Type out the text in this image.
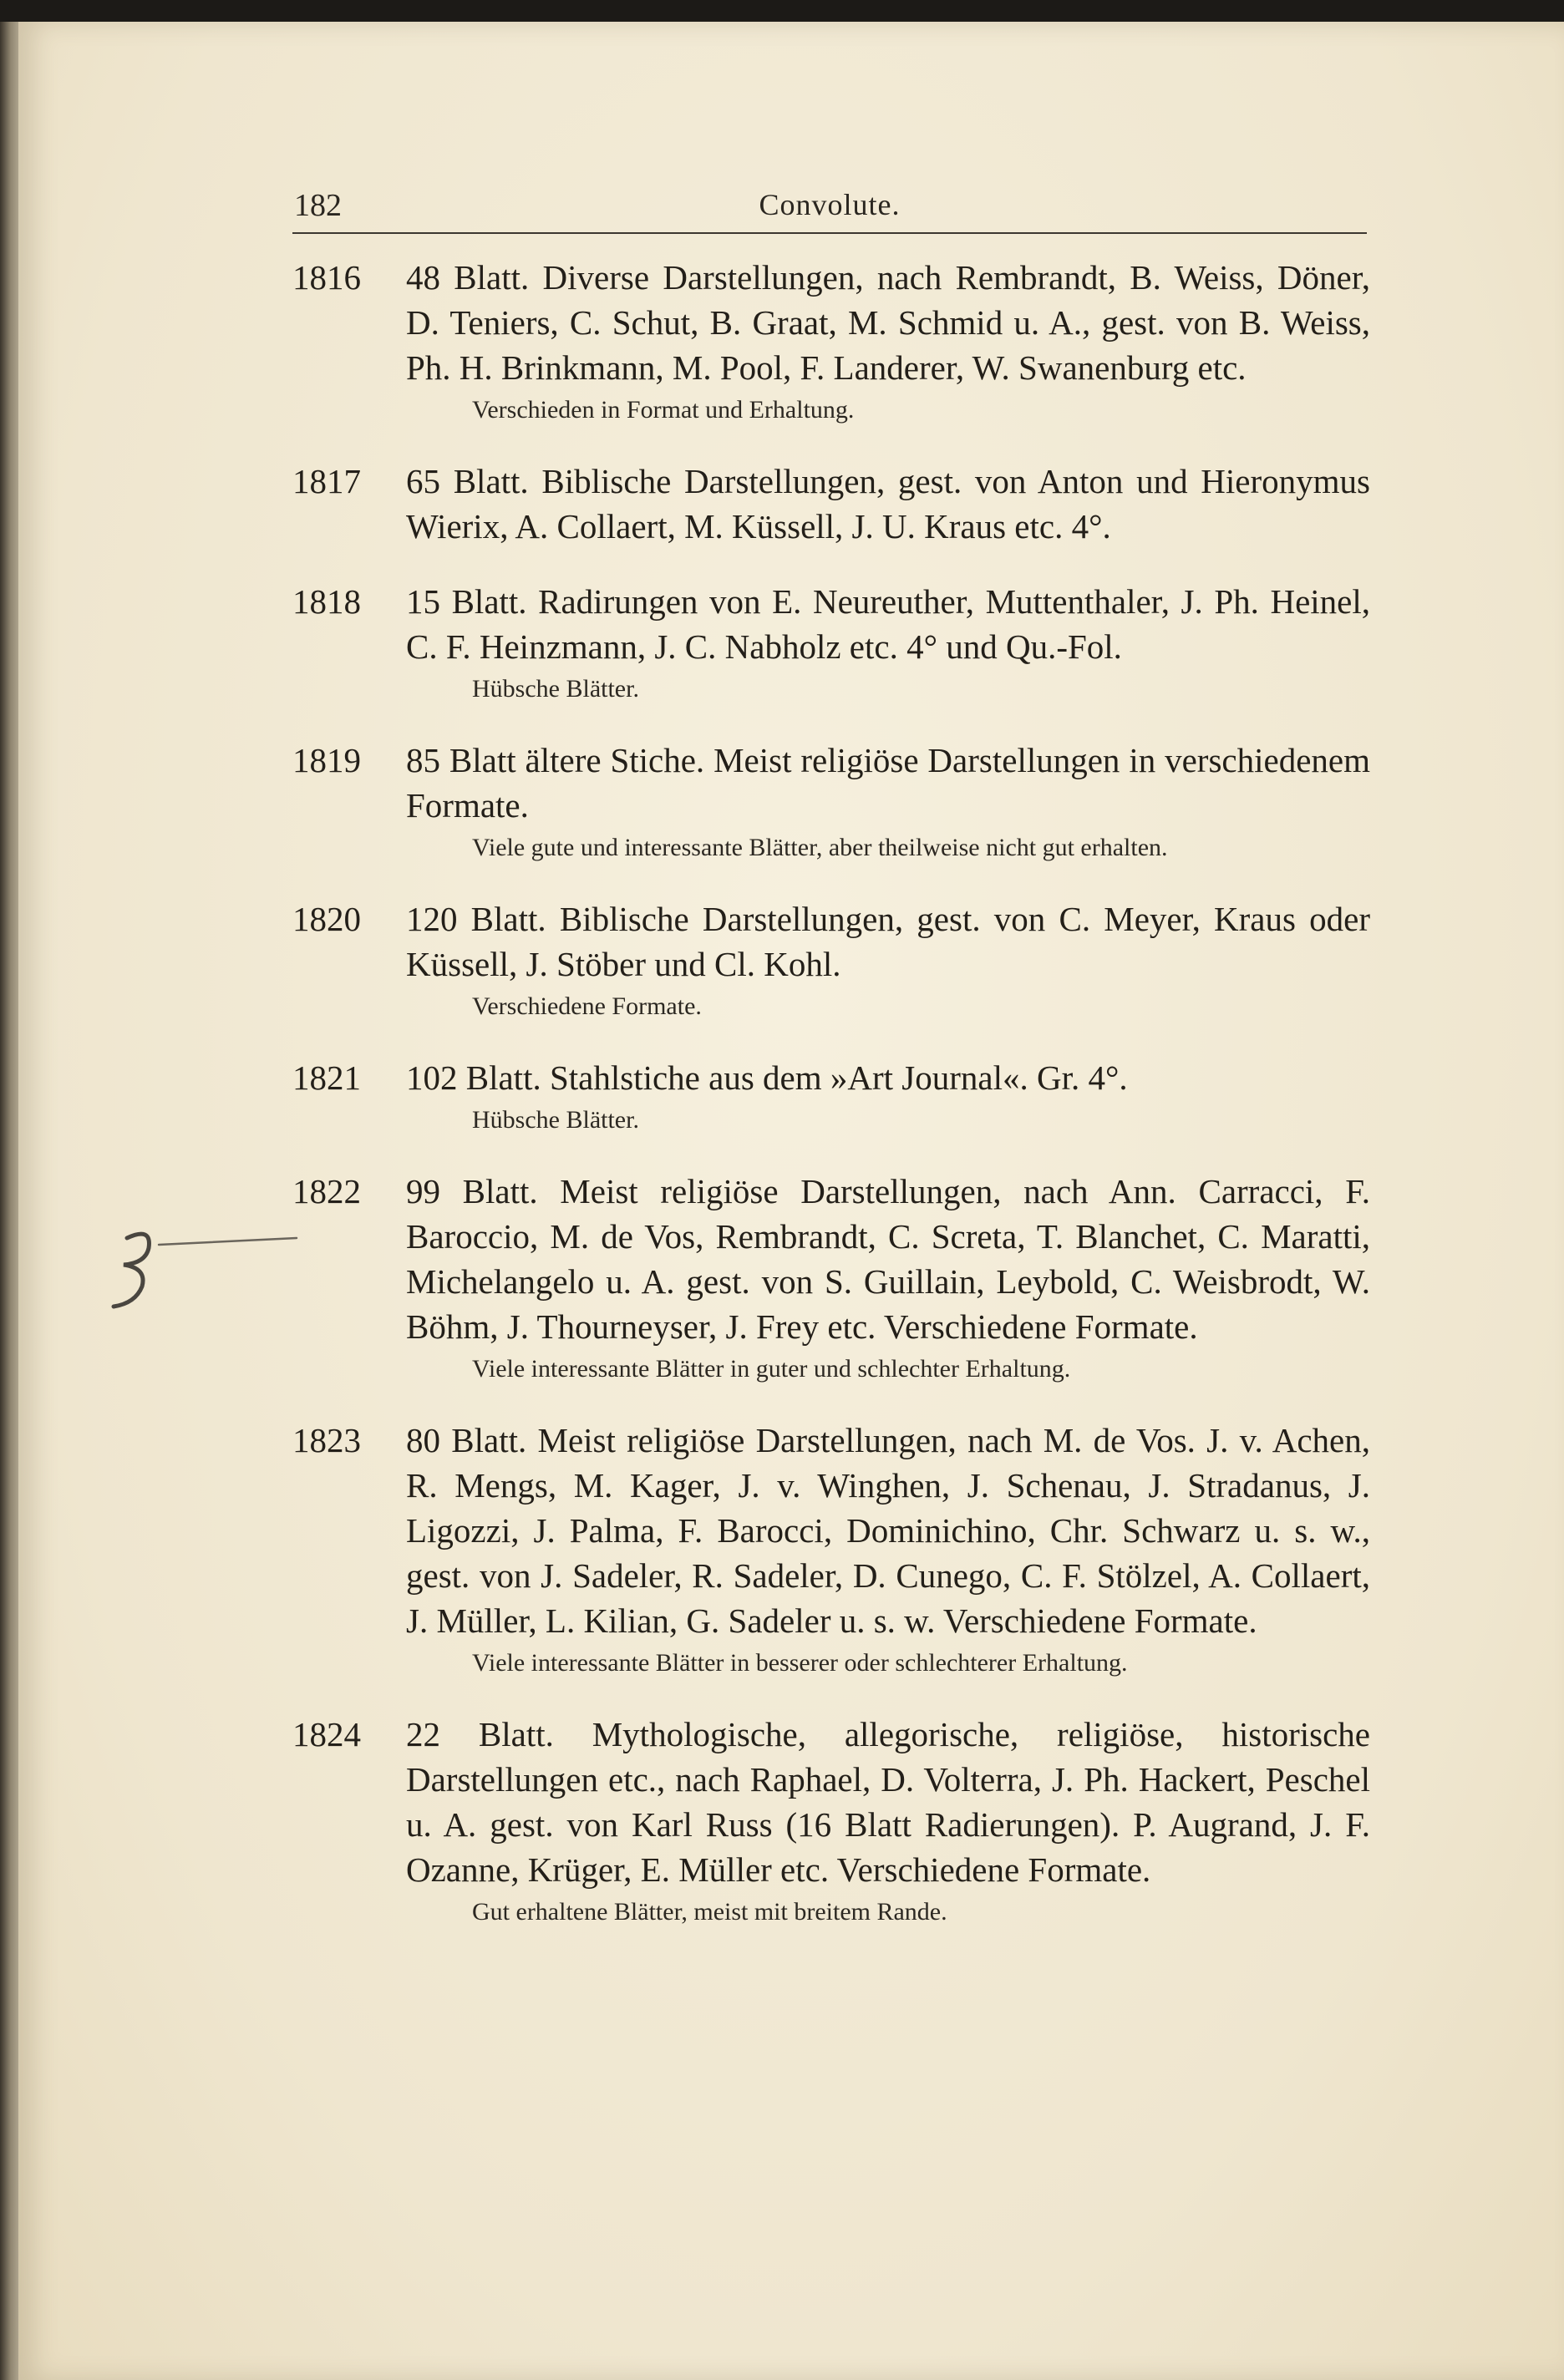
182	Convolute.
1816	48 Blatt. Diverse Darstellungen, nach Rembrandt, B. Weiss, Döner, D. Teniers, C. Schut, B. Graat, M. Schmid u. A., gest. von B. Weiss, Ph. H. Brinkmann, M. Pool, F. Landerer, W. Swanenburg etc.
Verschieden in Format und Erhaltung.
1817	65 Blatt. Biblische Darstellungen, gest. von Anton und Hieronymus Wierix, A. Collaert, M. Küssell, J. U. Kraus etc. 4°.
1818	15 Blatt. Radirungen von E. Neureuther, Muttenthaler, J. Ph. Heinel, C. F. Heinzmann, J. C. Nabholz etc. 4° und Qu.-Fol.
Hübsche Blätter.
1819	85 Blatt ältere Stiche. Meist religiöse Darstellungen in verschiedenem Formate.
Viele gute und interessante Blätter, aber theilweise nicht gut erhalten.
1820	120 Blatt. Biblische Darstellungen, gest. von C. Meyer, Kraus oder Küssell, J. Stöber und Cl. Kohl.
Verschiedene Formate.
1821	102 Blatt. Stahlstiche aus dem »Art Journal«. Gr. 4°.
Hübsche Blätter.
1822	99 Blatt. Meist religiöse Darstellungen, nach Ann. Carracci, F. Baroccio, M. de Vos, Rembrandt, C. Screta, T. Blanchet, C. Maratti, Michelangelo u. A. gest. von S. Guillain, Leybold, C. Weisbrodt, W. Böhm, J. Thourneyser, J. Frey etc. Verschiedene Formate.
Viele interessante Blätter in guter und schlechter Erhaltung.
1823	80 Blatt. Meist religiöse Darstellungen, nach M. de Vos. J. v. Achen, R. Mengs, M. Kager, J. v. Winghen, J. Schenau, J. Stradanus, J. Ligozzi, J. Palma, F. Barocci, Dominichino, Chr. Schwarz u. s. w., gest. von J. Sadeler, R. Sadeler, D. Cunego, C. F. Stölzel, A. Collaert, J. Müller, L. Kilian, G. Sadeler u. s. w. Verschiedene Formate.
Viele interessante Blätter in besserer oder schlechterer Erhaltung.
1824	22 Blatt. Mythologische, allegorische, religiöse, historische Darstellungen etc., nach Raphael, D. Volterra, J. Ph. Hackert, Peschel u. A. gest. von Karl Russ (16 Blatt Radierungen). P. Augrand, J. F. Ozanne, Krüger, E. Müller etc. Verschiedene Formate.
Gut erhaltene Blätter, meist mit breitem Rande.
